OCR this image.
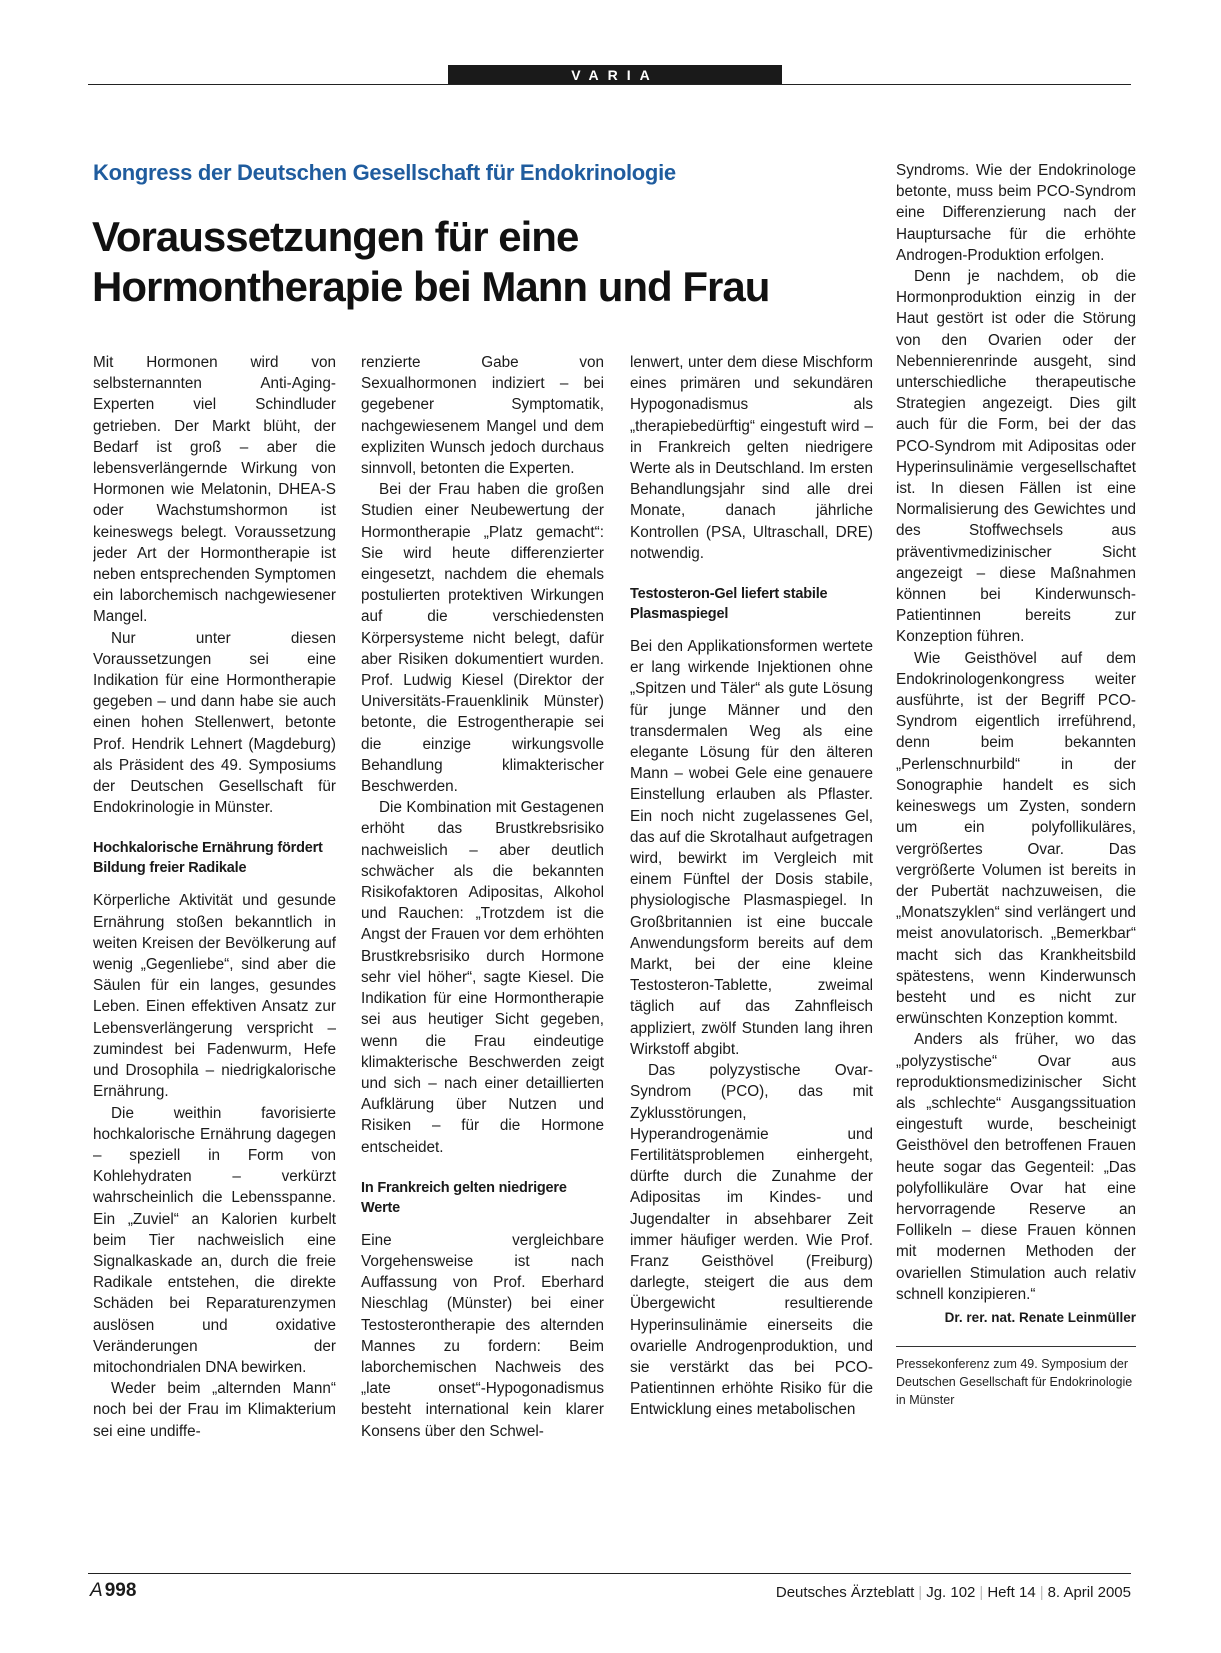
VARIA
Kongress der Deutschen Gesellschaft für Endokrinologie
Voraussetzungen für eine Hormontherapie bei Mann und Frau

Mit Hormonen wird von selbsternannten Anti-Aging-Experten viel Schindluder getrieben. Der Markt blüht, der Bedarf ist groß – aber die lebensverlängernde Wirkung von Hormonen wie Melatonin, DHEA-S oder Wachstumshormon ist keineswegs belegt. Voraussetzung jeder Art der Hormontherapie ist neben entsprechenden Symptomen ein laborchemisch nachgewiesener Mangel.

Nur unter diesen Voraussetzungen sei eine Indikation für eine Hormontherapie gegeben – und dann habe sie auch einen hohen Stellenwert, betonte Prof. Hendrik Lehnert (Magdeburg) als Präsident des 49. Symposiums der Deutschen Gesellschaft für Endokrinologie in Münster.

Hochkalorische Ernährung fördert Bildung freier Radikale

Körperliche Aktivität und gesunde Ernährung stoßen bekanntlich in weiten Kreisen der Bevölkerung auf wenig „Gegenliebe“, sind aber die Säulen für ein langes, gesundes Leben. Einen effektiven Ansatz zur Lebensverlängerung verspricht – zumindest bei Fadenwurm, Hefe und Drosophila – niedrigkalorische Ernährung.

Die weithin favorisierte hochkalorische Ernährung dagegen – speziell in Form von Kohlehydraten – verkürzt wahrscheinlich die Lebensspanne. Ein „Zuviel“ an Kalorien kurbelt beim Tier nachweislich eine Signalkaskade an, durch die freie Radikale entstehen, die direkte Schäden bei Reparaturenzymen auslösen und oxidative Veränderungen der mitochondrialen DNA bewirken.

Weder beim „alternden Mann“ noch bei der Frau im Klimakterium sei eine undiffe-

renzierte Gabe von Sexualhormonen indiziert – bei gegebener Symptomatik, nachgewiesenem Mangel und dem expliziten Wunsch jedoch durchaus sinnvoll, betonten die Experten.

Bei der Frau haben die großen Studien einer Neubewertung der Hormontherapie „Platz gemacht“: Sie wird heute differenzierter eingesetzt, nachdem die ehemals postulierten protektiven Wirkungen auf die verschiedensten Körpersysteme nicht belegt, dafür aber Risiken dokumentiert wurden. Prof. Ludwig Kiesel (Direktor der Universitäts-Frauenklinik Münster) betonte, die Estrogentherapie sei die einzige wirkungsvolle Behandlung klimakterischer Beschwerden.

Die Kombination mit Gestagenen erhöht das Brustkrebsrisiko nachweislich – aber deutlich schwächer als die bekannten Risikofaktoren Adipositas, Alkohol und Rauchen: „Trotzdem ist die Angst der Frauen vor dem erhöhten Brustkrebsrisiko durch Hormone sehr viel höher“, sagte Kiesel. Die Indikation für eine Hormontherapie sei aus heutiger Sicht gegeben, wenn die Frau eindeutige klimakterische Beschwerden zeigt und sich – nach einer detaillierten Aufklärung über Nutzen und Risiken – für die Hormone entscheidet.

In Frankreich gelten niedrigere Werte

Eine vergleichbare Vorgehensweise ist nach Auffassung von Prof. Eberhard Nieschlag (Münster) bei einer Testosterontherapie des alternden Mannes zu fordern: Beim laborchemischen Nachweis des „late onset“-Hypogonadismus besteht international kein klarer Konsens über den Schwel-

lenwert, unter dem diese Mischform eines primären und sekundären Hypogonadismus als „therapiebedürftig“ eingestuft wird – in Frankreich gelten niedrigere Werte als in Deutschland. Im ersten Behandlungsjahr sind alle drei Monate, danach jährliche Kontrollen (PSA, Ultraschall, DRE) notwendig.

Testosteron-Gel liefert stabile Plasmaspiegel

Bei den Applikationsformen wertete er lang wirkende Injektionen ohne „Spitzen und Täler“ als gute Lösung für junge Männer und den transdermalen Weg als eine elegante Lösung für den älteren Mann – wobei Gele eine genauere Einstellung erlauben als Pflaster. Ein noch nicht zugelassenes Gel, das auf die Skrotalhaut aufgetragen wird, bewirkt im Vergleich mit einem Fünftel der Dosis stabile, physiologische Plasmaspiegel. In Großbritannien ist eine buccale Anwendungsform bereits auf dem Markt, bei der eine kleine Testosteron-Tablette, zweimal täglich auf das Zahnfleisch appliziert, zwölf Stunden lang ihren Wirkstoff abgibt.

Das polyzystische Ovar-Syndrom (PCO), das mit Zyklusstörungen, Hyperandrogenämie und Fertilitätsproblemen einhergeht, dürfte durch die Zunahme der Adipositas im Kindes- und Jugendalter in absehbarer Zeit immer häufiger werden. Wie Prof. Franz Geisthövel (Freiburg) darlegte, steigert die aus dem Übergewicht resultierende Hyperinsulinämie einerseits die ovarielle Androgenproduktion, und sie verstärkt das bei PCO-Patientinnen erhöhte Risiko für die Entwicklung eines metabolischen

Syndroms. Wie der Endokrinologe betonte, muss beim PCO-Syndrom eine Differenzierung nach der Hauptursache für die erhöhte Androgen-Produktion erfolgen.

Denn je nachdem, ob die Hormonproduktion einzig in der Haut gestört ist oder die Störung von den Ovarien oder der Nebennierenrinde ausgeht, sind unterschiedliche therapeutische Strategien angezeigt. Dies gilt auch für die Form, bei der das PCO-Syndrom mit Adipositas oder Hyperinsulinämie vergesellschaftet ist. In diesen Fällen ist eine Normalisierung des Gewichtes und des Stoffwechsels aus präventivmedizinischer Sicht angezeigt – diese Maßnahmen können bei Kinderwunsch-Patientinnen bereits zur Konzeption führen.

Wie Geisthövel auf dem Endokrinologenkongress weiter ausführte, ist der Begriff PCO-Syndrom eigentlich irreführend, denn beim bekannten „Perlenschnurbild“ in der Sonographie handelt es sich keineswegs um Zysten, sondern um ein polyfollikuläres, vergrößertes Ovar. Das vergrößerte Volumen ist bereits in der Pubertät nachzuweisen, die „Monatszyklen“ sind verlängert und meist anovulatorisch. „Bemerkbar“ macht sich das Krankheitsbild spätestens, wenn Kinderwunsch besteht und es nicht zur erwünschten Konzeption kommt.

Anders als früher, wo das „polyzystische“ Ovar aus reproduktionsmedizinischer Sicht als „schlechte“ Ausgangssituation eingestuft wurde, bescheinigt Geisthövel den betroffenen Frauen heute sogar das Gegenteil: „Das polyfollikuläre Ovar hat eine hervorragende Reserve an Follikeln – diese Frauen können mit modernen Methoden der ovariellen Stimulation auch relativ schnell konzipieren.“

Dr. rer. nat. Renate Leinmüller
Pressekonferenz zum 49. Symposium der Deutschen Gesellschaft für Endokrinologie in Münster
A 998	Deutsches Ärzteblatt | Jg. 102 | Heft 14 | 8. April 2005
